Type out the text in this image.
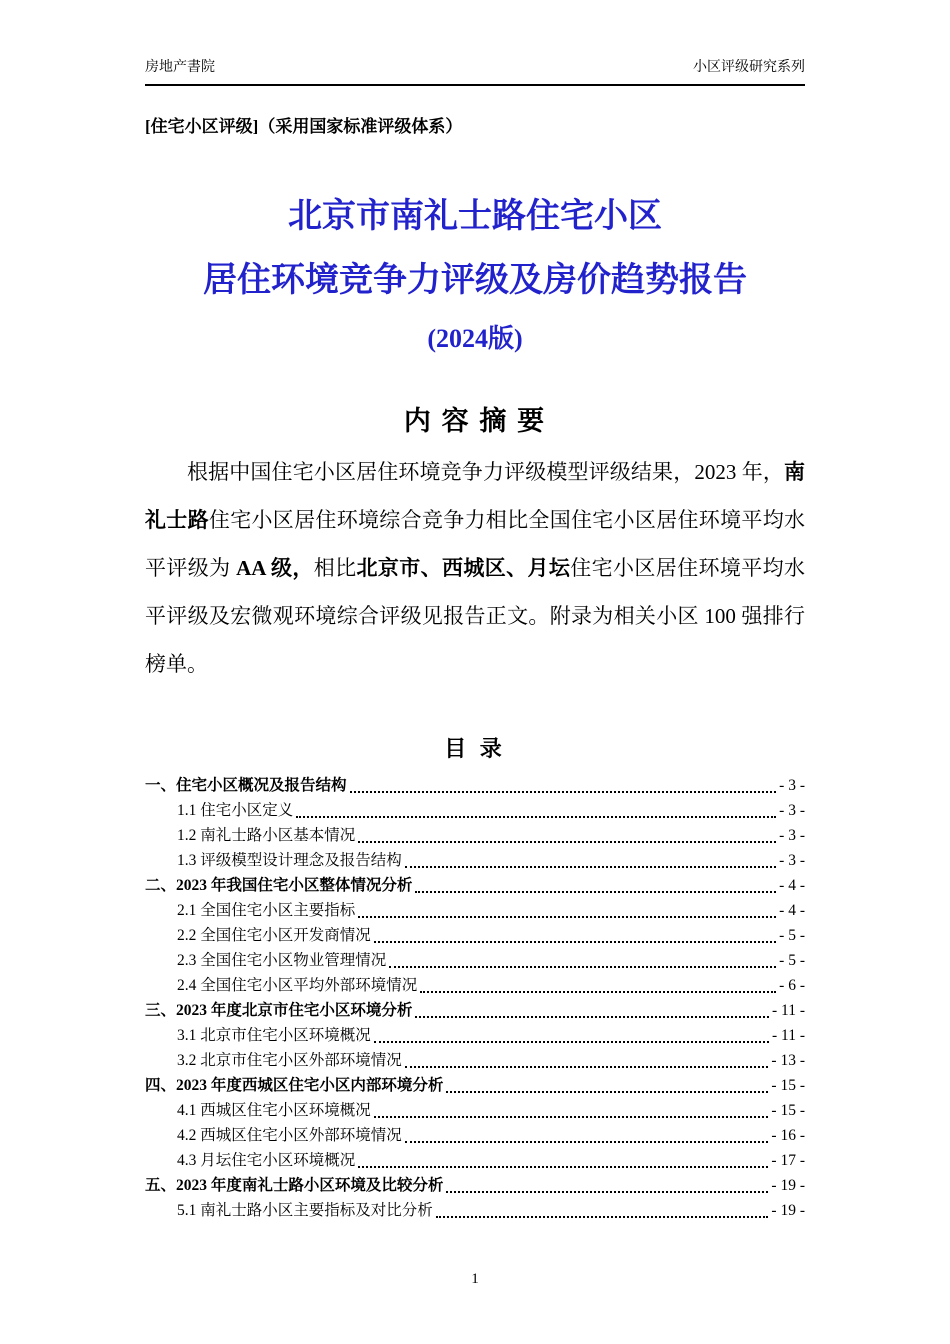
房地产書院	小区评级研究系列
[住宅小区评级]（采用国家标准评级体系）
北京市南礼士路住宅小区
居住环境竞争力评级及房价趋势报告
(2024版)
内 容 摘 要

根据中国住宅小区居住环境竞争力评级模型评级结果，2023 年，南礼士路住宅小区居住环境综合竞争力相比全国住宅小区居住环境平均水平评级为 AA 级，相比北京市、西城区、月坛住宅小区居住环境平均水平评级及宏微观环境综合评级见报告正文。附录为相关小区 100 强排行榜单。

目 录
一、住宅小区概况及报告结构	- 3 -
1.1 住宅小区定义	- 3 -
1.2 南礼士路小区基本情况	- 3 -
1.3 评级模型设计理念及报告结构	- 3 -
二、2023 年我国住宅小区整体情况分析	- 4 -
2.1 全国住宅小区主要指标	- 4 -
2.2 全国住宅小区开发商情况	- 5 -
2.3 全国住宅小区物业管理情况	- 5 -
2.4 全国住宅小区平均外部环境情况	- 6 -
三、2023 年度北京市住宅小区环境分析	- 11 -
3.1 北京市住宅小区环境概况	- 11 -
3.2 北京市住宅小区外部环境情况	- 13 -
四、2023 年度西城区住宅小区内部环境分析	- 15 -
4.1 西城区住宅小区环境概况	- 15 -
4.2 西城区住宅小区外部环境情况	- 16 -
4.3 月坛住宅小区环境概况	- 17 -
五、2023 年度南礼士路小区环境及比较分析	- 19 -
5.1 南礼士路小区主要指标及对比分析	- 19 -
1
